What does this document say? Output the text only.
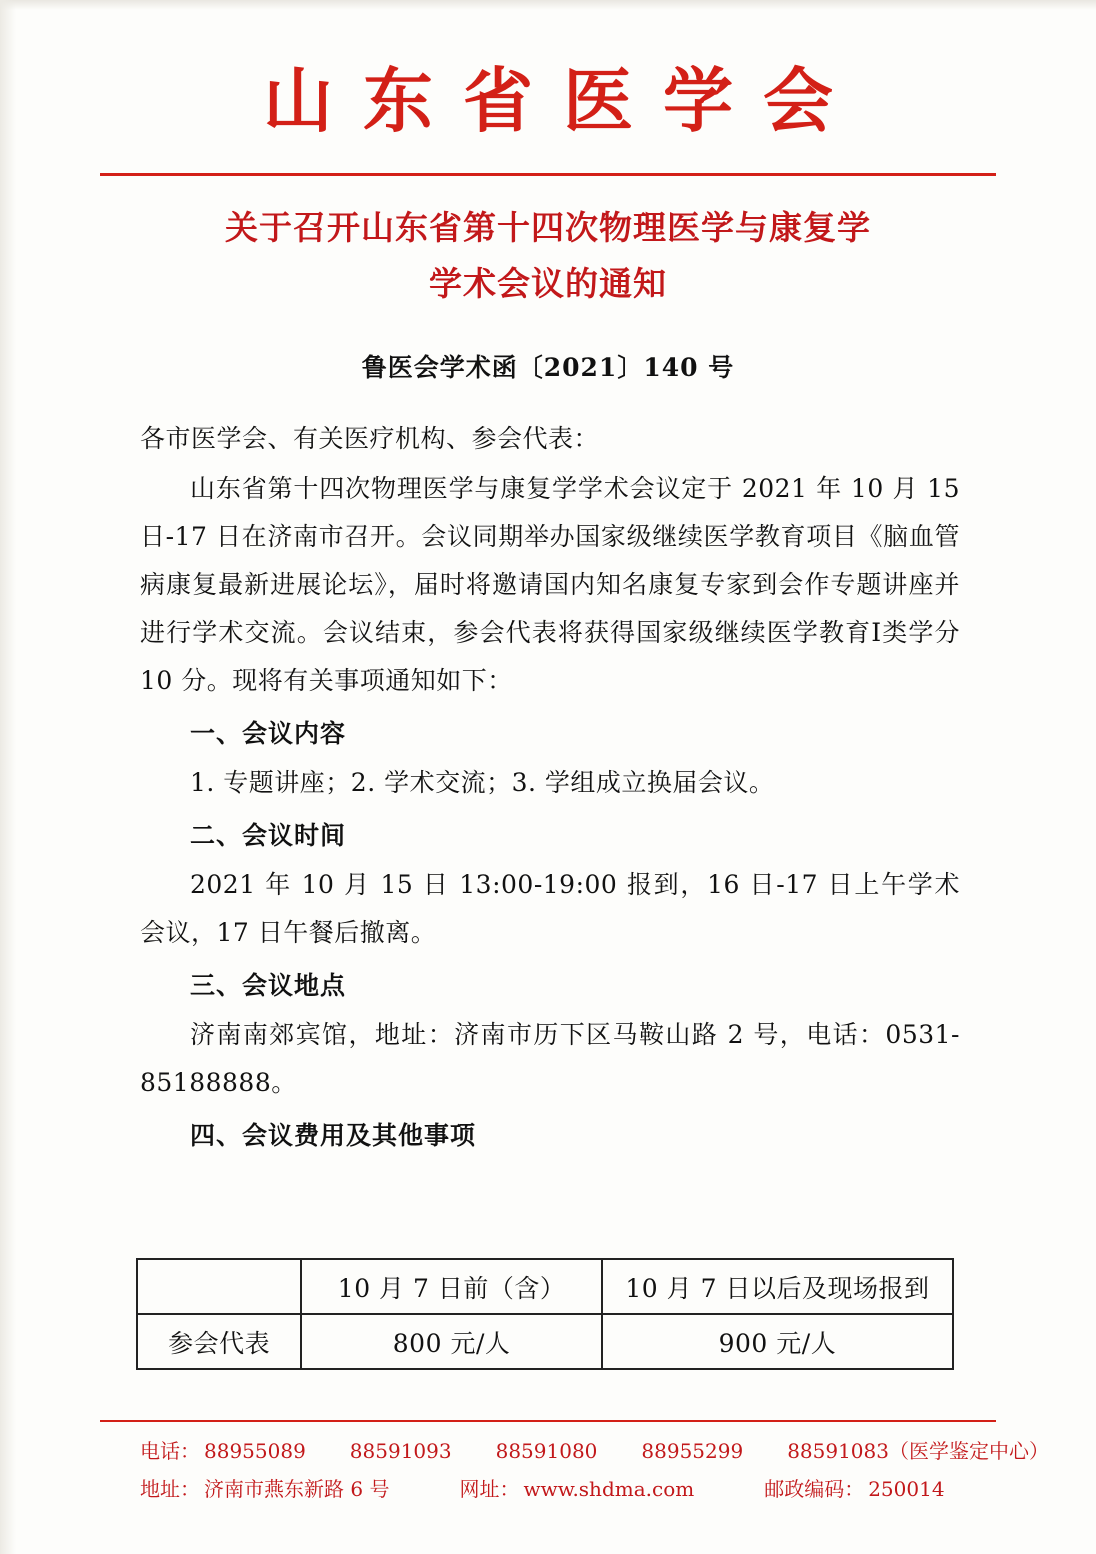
山东省医学会
关于召开山东省第十四次物理医学与康复学
学术会议的通知
鲁医会学术函〔2021〕140 号

各市医学会、有关医疗机构、参会代表：

山东省第十四次物理医学与康复学学术会议定于 2021 年 10 月 15 日-17 日在济南市召开。会议同期举办国家级继续医学教育项目《脑血管病康复最新进展论坛》，届时将邀请国内知名康复专家到会作专题讲座并进行学术交流。会议结束，参会代表将获得国家级继续医学教育Ⅰ类学分 10 分。现将有关事项通知如下：

一、会议内容

1. 专题讲座；2. 学术交流；3. 学组成立换届会议。

二、会议时间

2021 年 10 月 15 日 13:00-19:00 报到，16 日-17 日上午学术会议，17 日午餐后撤离。

三、会议地点

济南南郊宾馆，地址：济南市历下区马鞍山路 2 号，电话：0531-85188888。

四、会议费用及其他事项

	10 月 7 日前（含）	10 月 7 日以后及现场报到
参会代表	800 元/人	900 元/人
电话： 88955089 88591093 88591080 88955299 88591083（医学鉴定中心）
地址： 济南市燕东新路 6 号	网址： www.shdma.com	邮政编码： 250014
